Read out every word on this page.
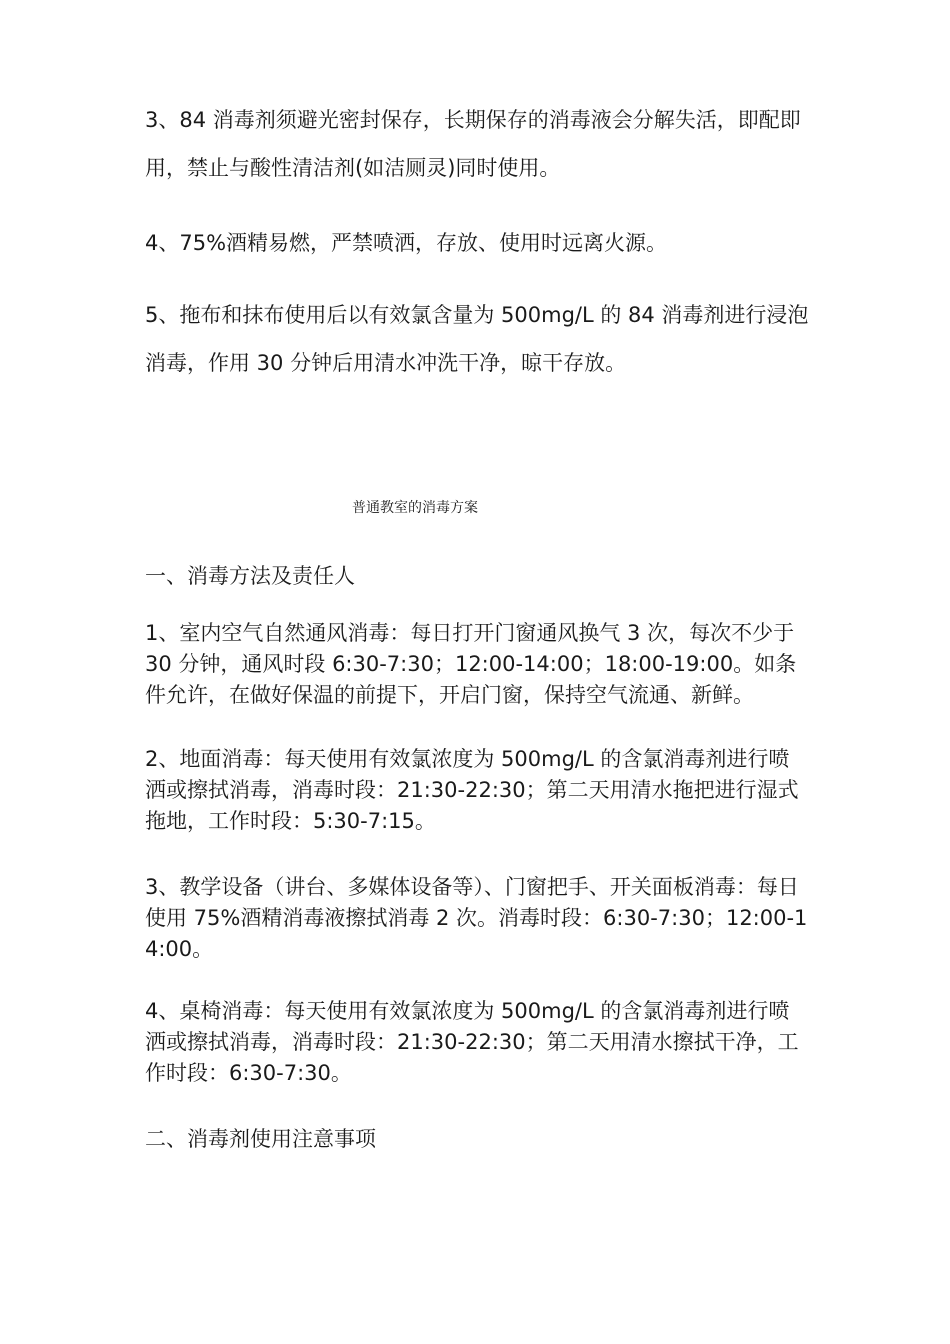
3、84 消毒剂须避光密封保存，长期保存的消毒液会分解失活，即配即用，禁止与酸性清洁剂(如洁厕灵)同时使用。

4、75%酒精易燃，严禁喷洒，存放、使用时远离火源。

5、拖布和抹布使用后以有效氯含量为 500mg/L 的 84 消毒剂进行浸泡消毒，作用 30 分钟后用清水冲洗干净，晾干存放。

一、消毒方法及责任人

1、室内空气自然通风消毒：每日打开门窗通风换气 3 次，每次不少于 30 分钟，通风时段 6:30-7:30；12:00-14:00；18:00-19:00。如条件允许，在做好保温的前提下，开启门窗，保持空气流通、新鲜。

2、地面消毒：每天使用有效氯浓度为 500mg/L 的含氯消毒剂进行喷洒或擦拭消毒，消毒时段：21:30-22:30；第二天用清水拖把进行湿式拖地，工作时段：5:30-7:15。

3、教学设备（讲台、多媒体设备等）、门窗把手、开关面板消毒：每日使用 75%酒精消毒液擦拭消毒 2 次。消毒时段：6:30-7:30；12:00-14:00。

4、桌椅消毒：每天使用有效氯浓度为 500mg/L 的含氯消毒剂进行喷洒或擦拭消毒，消毒时段：21:30-22:30；第二天用清水擦拭干净，工作时段：6:30-7:30。

二、消毒剂使用注意事项
普通教室的消毒方案
